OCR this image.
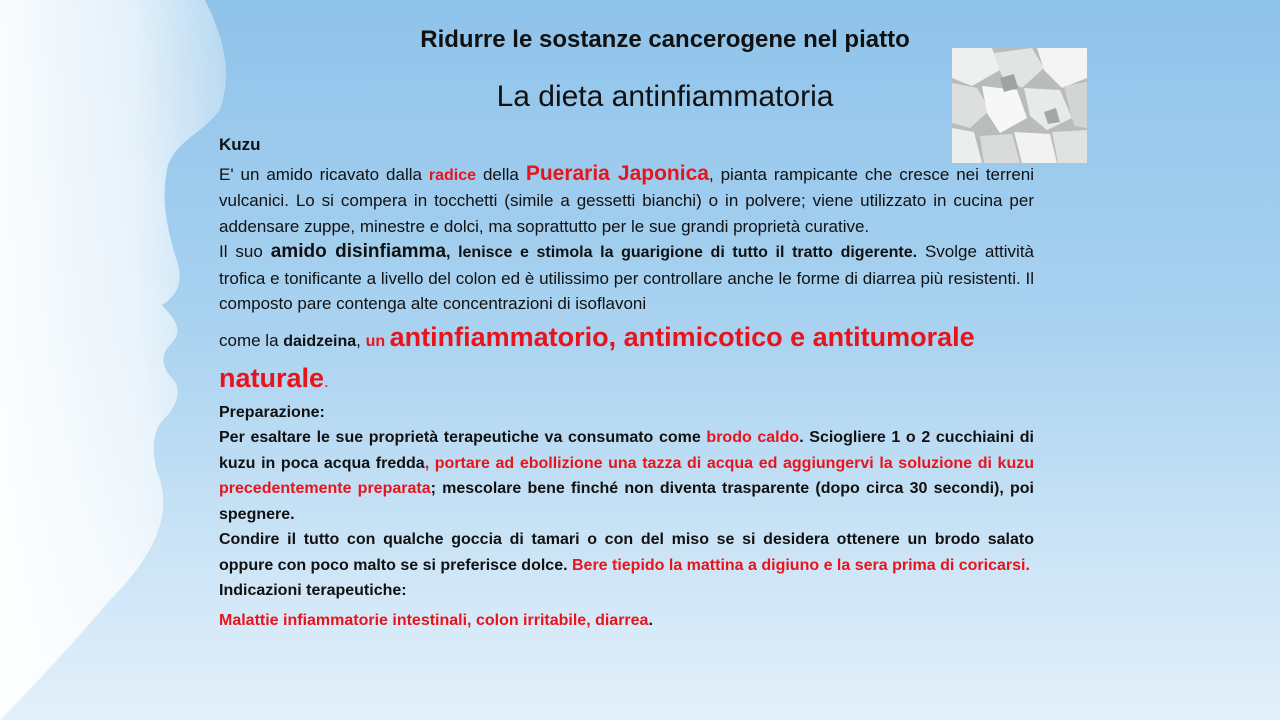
Ridurre le sostanze cancerogene nel piatto
La dieta antinfiammatoria

Kuzu

E' un amido ricavato dalla radice della Pueraria Japonica, pianta rampicante che cresce nei terreni vulcanici. Lo si compera in tocchetti (simile a gessetti bianchi) o in polvere; viene utilizzato in cucina per addensare zuppe, minestre e dolci, ma soprattutto per le sue grandi proprietà curative.

Il suo amido disinfiamma, lenisce e stimola la guarigione di tutto il tratto digerente. Svolge attività trofica e tonificante a livello del colon ed è utilissimo per controllare anche le forme di diarrea più resistenti. Il composto pare contenga alte concentrazioni di isoflavoni

come la daidzeina, un antinfiammatorio, antimicotico e antitumorale naturale.

Preparazione:

Per esaltare le sue proprietà terapeutiche va consumato come brodo caldo. Sciogliere 1 o 2 cucchiaini di kuzu in poca acqua fredda, portare ad ebollizione una tazza di acqua ed aggiungervi la soluzione di kuzu precedentemente preparata; mescolare bene finché non diventa trasparente (dopo circa 30 secondi), poi spegnere.

Condire il tutto con qualche goccia di tamari o con del miso se si desidera ottenere un brodo salato oppure con poco malto se si preferisce dolce. Bere tiepido la mattina a digiuno e la sera prima di coricarsi.

Indicazioni terapeutiche:

Malattie infiammatorie intestinali, colon irritabile, diarrea.
